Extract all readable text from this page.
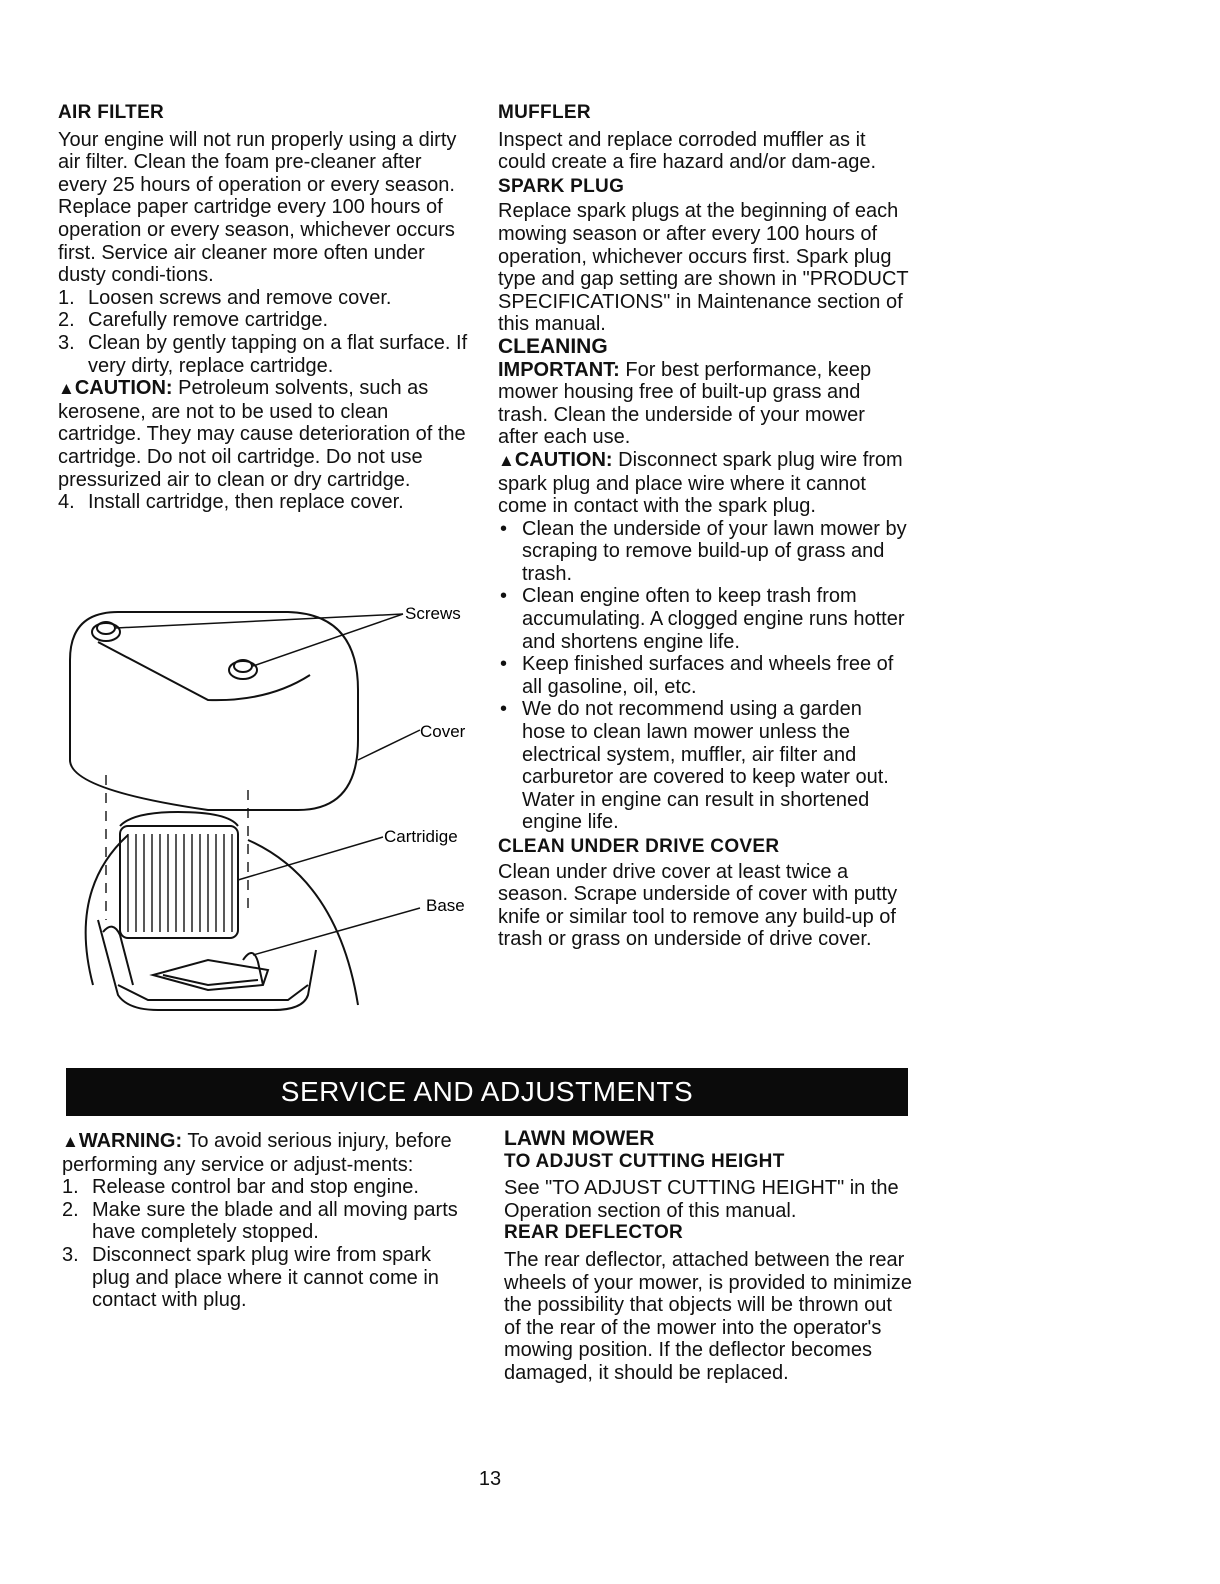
AIR FILTER

Your engine will not run properly using a dirty air filter. Clean the foam pre-cleaner after every 25 hours of operation or every season. Replace paper cartridge every 100 hours of operation or every season, whichever occurs first. Service air cleaner more often under dusty condi-tions.

1. Loosen screws and remove cover.
2. Carefully remove cartridge.
3. Clean by gently tapping on a flat surface. If very dirty, replace cartridge.

▲CAUTION: Petroleum solvents, such as kerosene, are not to be used to clean cartridge. They may cause deterioration of the cartridge. Do not oil cartridge. Do not use pressurized air to clean or dry cartridge.

4. Install cartridge, then replace cover.
Screws
Cover
Cartridige
Base

MUFFLER

Inspect and replace corroded muffler as it could create a fire hazard and/or dam-age.

SPARK PLUG

Replace spark plugs at the beginning of each mowing season or after every 100 hours of operation, whichever occurs first. Spark plug type and gap setting are shown in "PRODUCT SPECIFICATIONS" in Maintenance section of this manual.

CLEANING

IMPORTANT: For best performance, keep mower housing free of built-up grass and trash. Clean the underside of your mower after each use.

▲CAUTION: Disconnect spark plug wire from spark plug and place wire where it cannot come in contact with the spark plug.

• Clean the underside of your lawn mower by scraping to remove build-up of grass and trash.
• Clean engine often to keep trash from accumulating. A clogged engine runs hotter and shortens engine life.
• Keep finished surfaces and wheels free of all gasoline, oil, etc.
• We do not recommend using a garden hose to clean lawn mower unless the electrical system, muffler, air filter and carburetor are covered to keep water out. Water in engine can result in shortened engine life.

CLEAN UNDER DRIVE COVER

Clean under drive cover at least twice a season. Scrape underside of cover with putty knife or similar tool to remove any build-up of trash or grass on underside of drive cover.

SERVICE AND ADJUSTMENTS

▲WARNING: To avoid serious injury, before performing any service or adjust-ments:

1. Release control bar and stop engine.
2. Make sure the blade and all moving parts have completely stopped.
3. Disconnect spark plug wire from spark plug and place where it cannot come in contact with plug.

LAWN MOWER

TO ADJUST CUTTING HEIGHT

See "TO ADJUST CUTTING HEIGHT" in the Operation section of this manual.

REAR DEFLECTOR

The rear deflector, attached between the rear wheels of your mower, is provided to minimize the possibility that objects will be thrown out of the rear of the mower into the operator's mowing position. If the deflector becomes damaged, it should be replaced.

13
